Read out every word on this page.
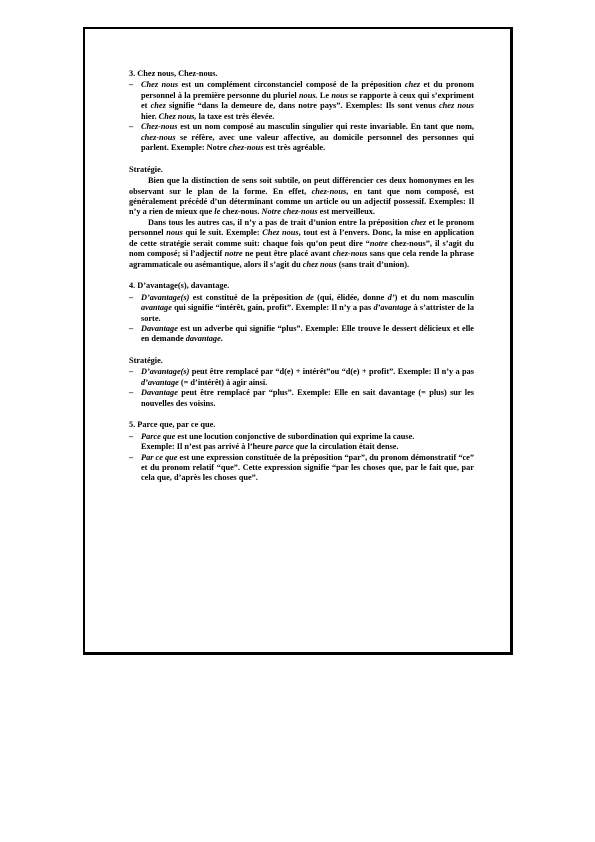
3. Chez nous, Chez-nous.
– Chez nous est un complément circonstanciel composé de la préposition chez et du pronom personnel à la première personne du pluriel nous. Le nous se rapporte à ceux qui s’expriment et chez signifie “dans la demeure de, dans notre pays”. Exemples: Ils sont venus chez nous hier. Chez nous, la taxe est très élevée.
– Chez-nous est un nom composé au masculin singulier qui reste invariable. En tant que nom, chez-nous se réfère, avec une valeur affective, au domicile personnel des personnes qui parlent. Exemple: Notre chez-nous est très agréable.
Stratégie.

Bien que la distinction de sens soit subtile, on peut différencier ces deux homonymes en les observant sur le plan de la forme. En effet, chez-nous, en tant que nom composé, est généralement précédé d’un déterminant comme un article ou un adjectif possessif. Exemples: Il n’y a rien de mieux que le chez-nous. Notre chez-nous est merveilleux.

Dans tous les autres cas, il n’y a pas de trait d’union entre la préposition chez et le pronom personnel nous qui le suit. Exemple: Chez nous, tout est à l’envers. Donc, la mise en application de cette stratégie serait comme suit: chaque fois qu’on peut dire “notre chez-nous”, il s’agit du nom composé; si l’adjectif notre ne peut être placé avant chez-nous sans que cela rende la phrase agrammaticale ou asémantique, alors il s’agit du chez nous (sans trait d’union).

4. D’avantage(s), davantage.
– D’avantage(s) est constitué de la préposition de (qui, élidée, donne d’) et du nom masculin avantage qui signifie “intérêt, gain, profit”. Exemple: Il n’y a pas d’avantage à s’attrister de la sorte.
– Davantage est un adverbe qui signifie “plus”. Exemple: Elle trouve le dessert délicieux et elle en demande davantage.
Stratégie.
– D’avantage(s) peut être remplacé par “d(e) + intérêt”ou “d(e) + profit”. Exemple: Il n’y a pas d’avantage (= d’intérêt) à agir ainsi.
– Davantage peut être remplacé par “plus”. Exemple: Elle en sait davantage (= plus) sur les nouvelles des voisins.
5. Parce que, par ce que.
– Parce que est une locution conjonctive de subordination qui exprime la cause.
Exemple: Il n’est pas arrivé à l’heure parce que la circulation était dense.
– Par ce que est une expression constituée de la préposition “par”, du pronom démonstratif “ce” et du pronom relatif “que”. Cette expression signifie “par les choses que, par le fait que, par cela que, d’après les choses que”.
